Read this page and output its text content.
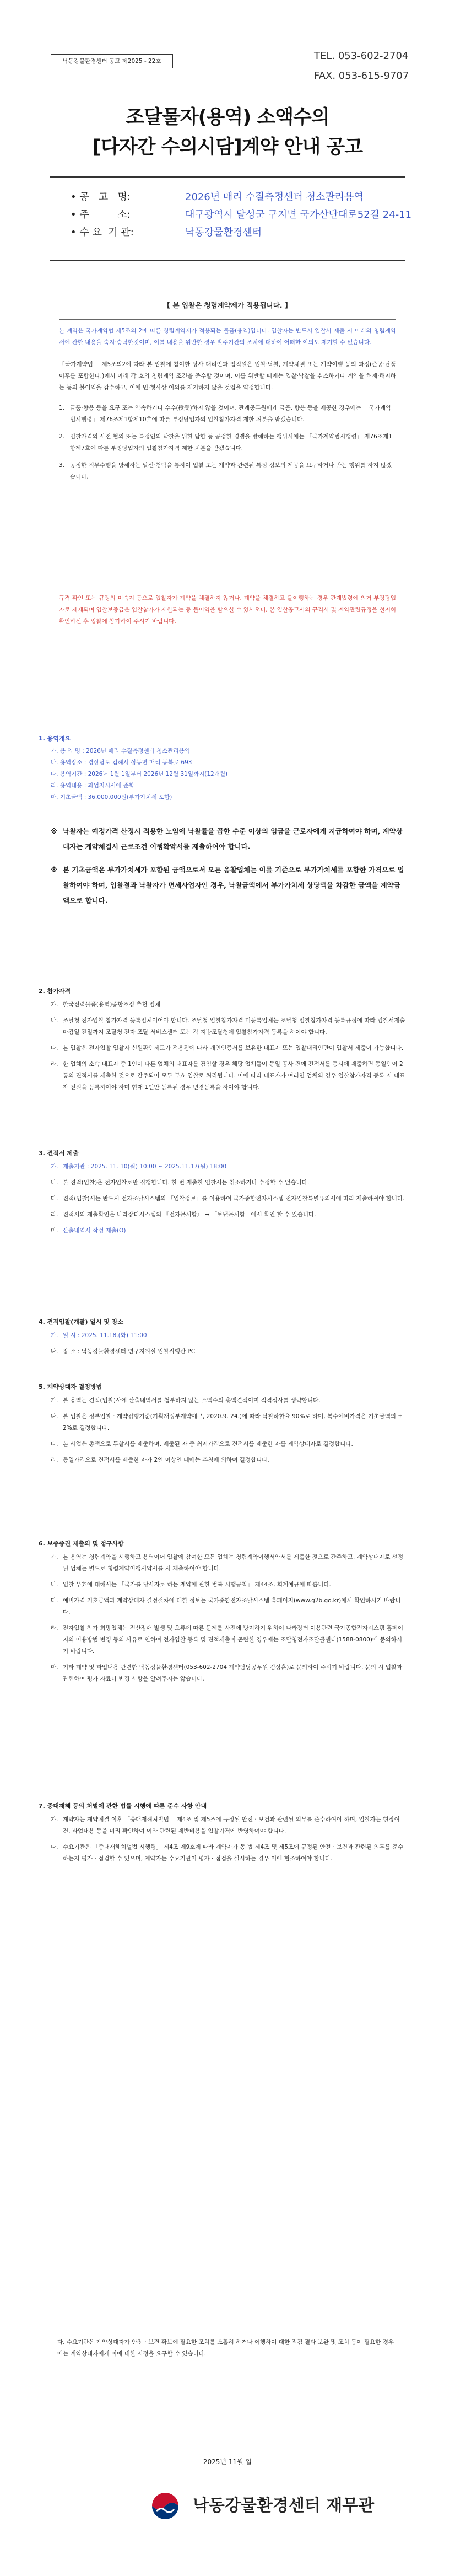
낙동강물환경센터 공고 제2025 - 22호	TEL. 053-602-2704
FAX. 053-615-9707
조달물자(용역) 소액수의
[다자간 수의시담]계약 안내 공고
• 공   고   명:	2026년 매리 수질측정센터 청소관리용역
• 주         소:	대구광역시 달성군 구지면 국가산단대로52길 24-11
• 수 요  기 관:	낙동강물환경센터
【 본 입찰은 청렴계약제가 적용됩니다. 】
본 계약은 국가계약법 제5조의 2에 따른 청렴계약제가 적용되는 물품(용역)입니다. 입찰자는 반드시 입찰서 제출 시 아래의 청렴계약서에 관한 내용을 숙지·승낙한것이며, 이를 내용을 위반한 경우 발주기관의 조치에 대하여 어떠한 이의도 제기할 수 없습니다.
「국가계약법」 제5조의2에 따라 본 입찰에 참여한 당사 대리인과 임직원은 입찰·낙찰, 계약체결 또는 계약이행 등의 과정(준공·납품 이후를 포함한다.)에서 아래 각 호의 청렴계약 조건을 준수할 것이며, 이를 위반할 때에는 입찰·낙찰을 취소하거나 계약을 해제·해지하는 등의 불이익을 감수하고, 이에 민·형사상 이의를 제기하지 않을 것임을 약정합니다.
1. 금품·향응 등을 요구 또는 약속하거나 수수(授受)하지 않을 것이며, 관계공무원에게 금품, 향응 등을 제공한 경우에는 「국가계약법시행령」 제76조제1항제10호에 따른 부정당업자의 입찰참가자격 제한 처분을 받겠습니다.
2. 입찰가격의 사전 협의 또는 특정인의 낙찰을 위한 담합 등 공정한 경쟁을 방해하는 행위시에는 「국가계약법시행령」 제76조제1항제7호에 따른 부정당업자의 입찰참가자격 제한 처분을 받겠습니다.
3. 공정한 직무수행을 방해하는 알선·청탁을 통하여 입찰 또는 계약과 관련된 특정 정보의 제공을 요구하거나 받는 행위를 하지 않겠습니다.
규격 확인 또는 규정의 미숙지 등으로 입찰자가 계약을 체결하지 않거나, 계약을 체결하고 불이행하는 경우 관계법령에 의거 부정당업자로 제재되며 입찰보증금은 입찰참가가 제한되는 등 불이익을 받으실 수 있사오니, 본 입찰공고서의 규격서 및 계약관련규정을 철저히 확인하신 후 입찰에 참가하여 주시기 바랍니다.
1. 용역개요
가. 용 역 명 : 2026년 매리 수질측정센터 청소관리용역
나. 용역장소 : 경상남도 김해시 상동면 매리 동북로 693
다. 용역기간 : 2026년 1월 1일부터 2026년 12월 31일까지(12개월)
라. 용역내용 : 과업지시서에 준함
마. 기초금액 : 36,000,000원(부가가치세 포함)
※ 낙찰자는 예정가격 산정시 적용한 노임에 낙찰률을 곱한 수준 이상의 임금을 근로자에게 지급하여야 하며, 계약상대자는 계약체결시 근로조건 이행확약서를 제출하여야 합니다.
※ 본 기초금액은 부가가치세가 포함된 금액으로서 모든 응찰업체는 이를 기준으로 부가가치세를 포함한 가격으로 입찰하여야 하며, 입찰결과 낙찰자가 면세사업자인 경우, 낙찰금액에서 부가가치세 상당액을 차감한 금액을 계약금액으로 합니다.
2. 참가자격
가. 한국전력물품(용역)종합조정 추천 업체
나. 조달청 전자입찰 참가자격 등록업체이어야 합니다. 조달청 입찰참가자격 미등록업체는 조달청 입찰참가자격 등록규정에 따라 입찰서제출 마감일 전일까지 조달청 전자 조달 서비스센터 또는 각 지방조달청에 입찰참가자격 등록을 하여야 합니다.
다. 본 입찰은 전자입찰 입찰자 신원확인제도가 적용됨에 따라 개인인증서를 보유한 대표자 또는 입찰대리인만이 입찰서 제출이 가능합니다.
라. 한 업체의 소속 대표자 중 1인이 다른 업체의 대표자를 겸임할 경우 해당 업체들이 동일 공사 건에 견적서를 동시에 제출하면 동일인이 2통의 견적서를 제출한 것으로 간주되어 모두 무효 입찰로 처리됩니다. 이에 따라 대표자가 여러인 업체의 경우 입찰참가자격 등록 시 대표자 전원을 등록하여야 하며 현재 1인만 등록된 경우 변경등록을 하여야 합니다.
3. 견적서 제출
가. 제출기관 : 2025. 11. 10(월) 10:00 ~ 2025.11.17(월) 18:00
나. 본 견적(입찰)은 전자입찰로만 집행합니다. 한 번 제출한 입찰서는 취소하거나 수정할 수 없습니다.
다. 견적(입찰)서는 반드시 전자조달시스템의 「입찰정보」를 이용하여 국가종합전자시스템 전자입찰특별유의서에 따라 제출하셔야 합니다.
라. 견적서의 제출확인은 나라장터시스템의 『전자문서함』 → 「보낸문서함」에서 확인 할 수 있습니다.
마. 산출내역서 작성 제출(O)
4. 견적입찰(개찰) 일시 및 장소
가. 일 시 : 2025. 11.18.(화) 11:00
나. 장 소 : 낙동강물환경센터 연구지원실 입찰집행관 PC
5. 계약상대자 결정방법
가. 본 용역는 견적(입찰)사에 산출내역서를 첨부하지 않는 소액수의 총액견적이며 적격심사를 생략합니다.
나. 본 입찰은 정부입찰 · 계약집행기준(기획재정부계약예규, 2020.9. 24.)에 따라 낙찰하한율 90%로 하며, 복수예비가격은 기초금액의 ± 2%로 결정합니다.
다. 본 사업은 총액으로 투찰서를 제출하며, 제출된 자 중 최저가격으로 견적서를 제출한 자를 계약상대자로 결정합니다.
라. 동일가격으로 견적서를 제출한 자가 2인 이상인 때에는 추첨에 의하여 결정합니다.
6. 보증증권 제출의 및 청구사항
가. 본 용역는 청렴계약을 시행하고 용역이어 입찰에 참여한 모든 업체는 청렴계약이행서약서를 제출한 것으로 간주하고, 계약상대자로 선정된 업체는 별도로 청렴계약이행서약서를 시 제출하여야 합니다.
나. 입찰 무효에 대해서는 「국가를 당사자로 하는 계약에 관한 법률 시행규칙」 제44조, 회계예규에 따릅니다.
다. 예비가격 기초금액과 계약상대자 결정절차에 대한 정보는 국가종합전자조달시스템 홈페이지(www.g2b.go.kr)에서 확인하시기 바랍니다.
라. 전자입찰 참가 희망업체는 전산장애 발생 및 오류에 따른 문제를 사전에 방지하기 위하여 나라장터 이용관련 국가종합전자시스템 홈페이지의 이용방법 변경 등의 사유로 인하여 전자입찰 등록 및 견적제출이 곤란한 경우에는 조달청전자조달콜센터(1588-0800)에 문의하시기 바랍니다.
마. 기타 계약 및 과업내용 관련한 낙동강물환경센터(053-602-2704 계약담당공무원 김상훈)로 문의하여 주시기 바랍니다. 문의 시 입찰과 관련하여 평가 자료나 변경 사항을 알려주지는 않습니다.
7. 중대재해 등의 처벌에 관한 법률 시행에 따른 준수 사항 안내
가. 계약자는 계약체결 이후 「중대재해처벌법」 제4조 및 제5조에 규정된 안전 · 보건과 관련된 의무를 준수하여야 하며, 입찰자는 현장여건, 과업내용 등을 미리 확인하여 이와 관련된 제반비용을 입찰가격에 반영하여야 합니다.
나. 수요기관은 「중대재해처벌법 시행령」 제4조 제9호에 따라 계약자가 동 법 제4조 및 제5조에 규정된 안전 · 보건과 관련된 의무를 준수하는지 평가 · 점검할 수 있으며, 계약자는 수요기관이 평가 · 점검을 실시하는 경우 이에 협조하여야 합니다.
다. 수요기관은 계약상대자가 안전 · 보건 확보에 필요한 조치를 소홀히 하거나 이행하여 대한 점검 결과 보완 및 조치 등이 필요한 경우에는 계약상대자에게 이에 대한 시정을 요구할 수 있습니다.
2025년 11월 일
낙동강물환경센터 재무관
